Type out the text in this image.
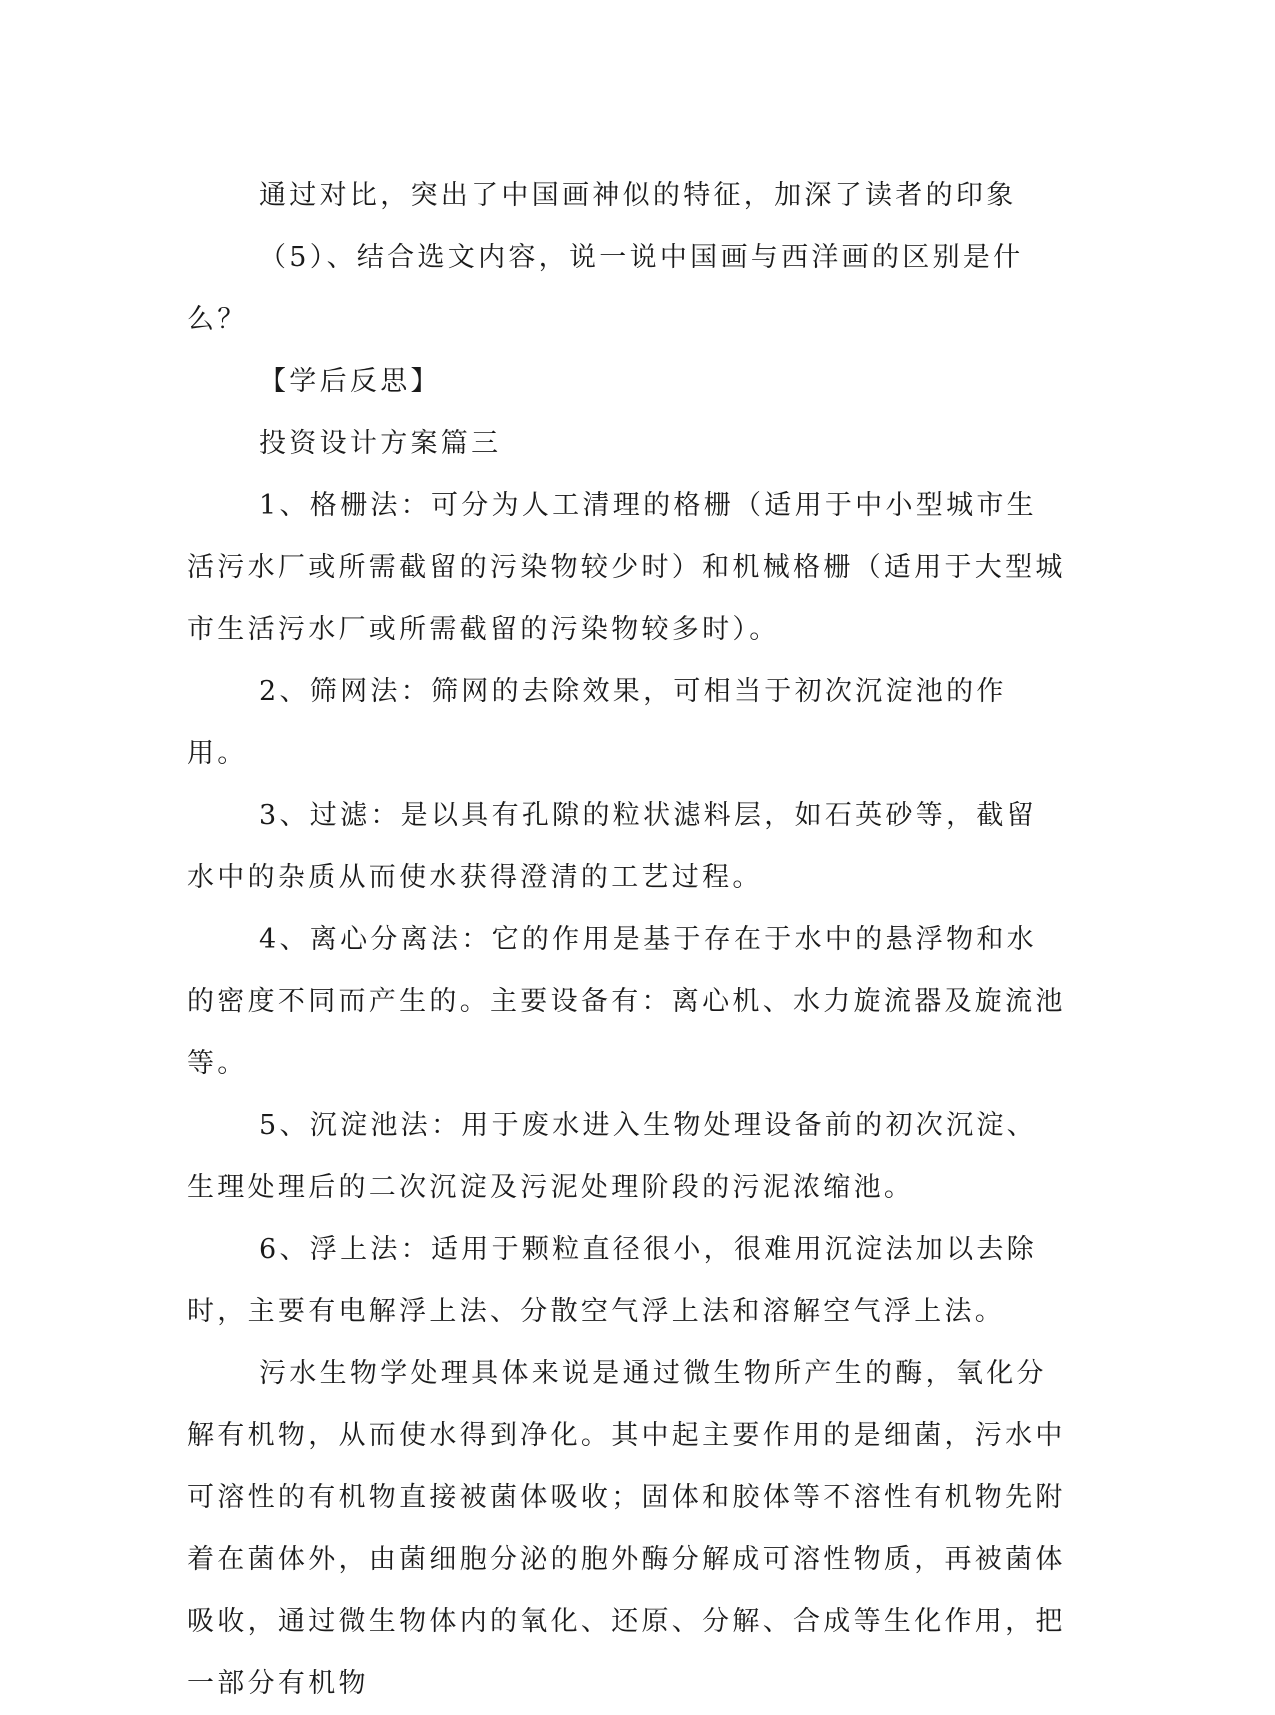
通过对比，突出了中国画神似的特征，加深了读者的印象

（5）、结合选文内容，说一说中国画与西洋画的区别是什么？

【学后反思】

投资设计方案篇三

1、格栅法：可分为人工清理的格栅（适用于中小型城市生活污水厂或所需截留的污染物较少时）和机械格栅（适用于大型城市生活污水厂或所需截留的污染物较多时）。

2、筛网法：筛网的去除效果，可相当于初次沉淀池的作用。

3、过滤：是以具有孔隙的粒状滤料层，如石英砂等，截留水中的杂质从而使水获得澄清的工艺过程。

4、离心分离法：它的作用是基于存在于水中的悬浮物和水的密度不同而产生的。主要设备有：离心机、水力旋流器及旋流池等。

5、沉淀池法：用于废水进入生物处理设备前的初次沉淀、生理处理后的二次沉淀及污泥处理阶段的污泥浓缩池。

6、浮上法：适用于颗粒直径很小，很难用沉淀法加以去除时，主要有电解浮上法、分散空气浮上法和溶解空气浮上法。

污水生物学处理具体来说是通过微生物所产生的酶，氧化分解有机物，从而使水得到净化。其中起主要作用的是细菌，污水中可溶性的有机物直接被菌体吸收；固体和胶体等不溶性有机物先附着在菌体外，由菌细胞分泌的胞外酶分解成可溶性物质，再被菌体吸收，通过微生物体内的氧化、还原、分解、合成等生化作用，把一部分有机物
